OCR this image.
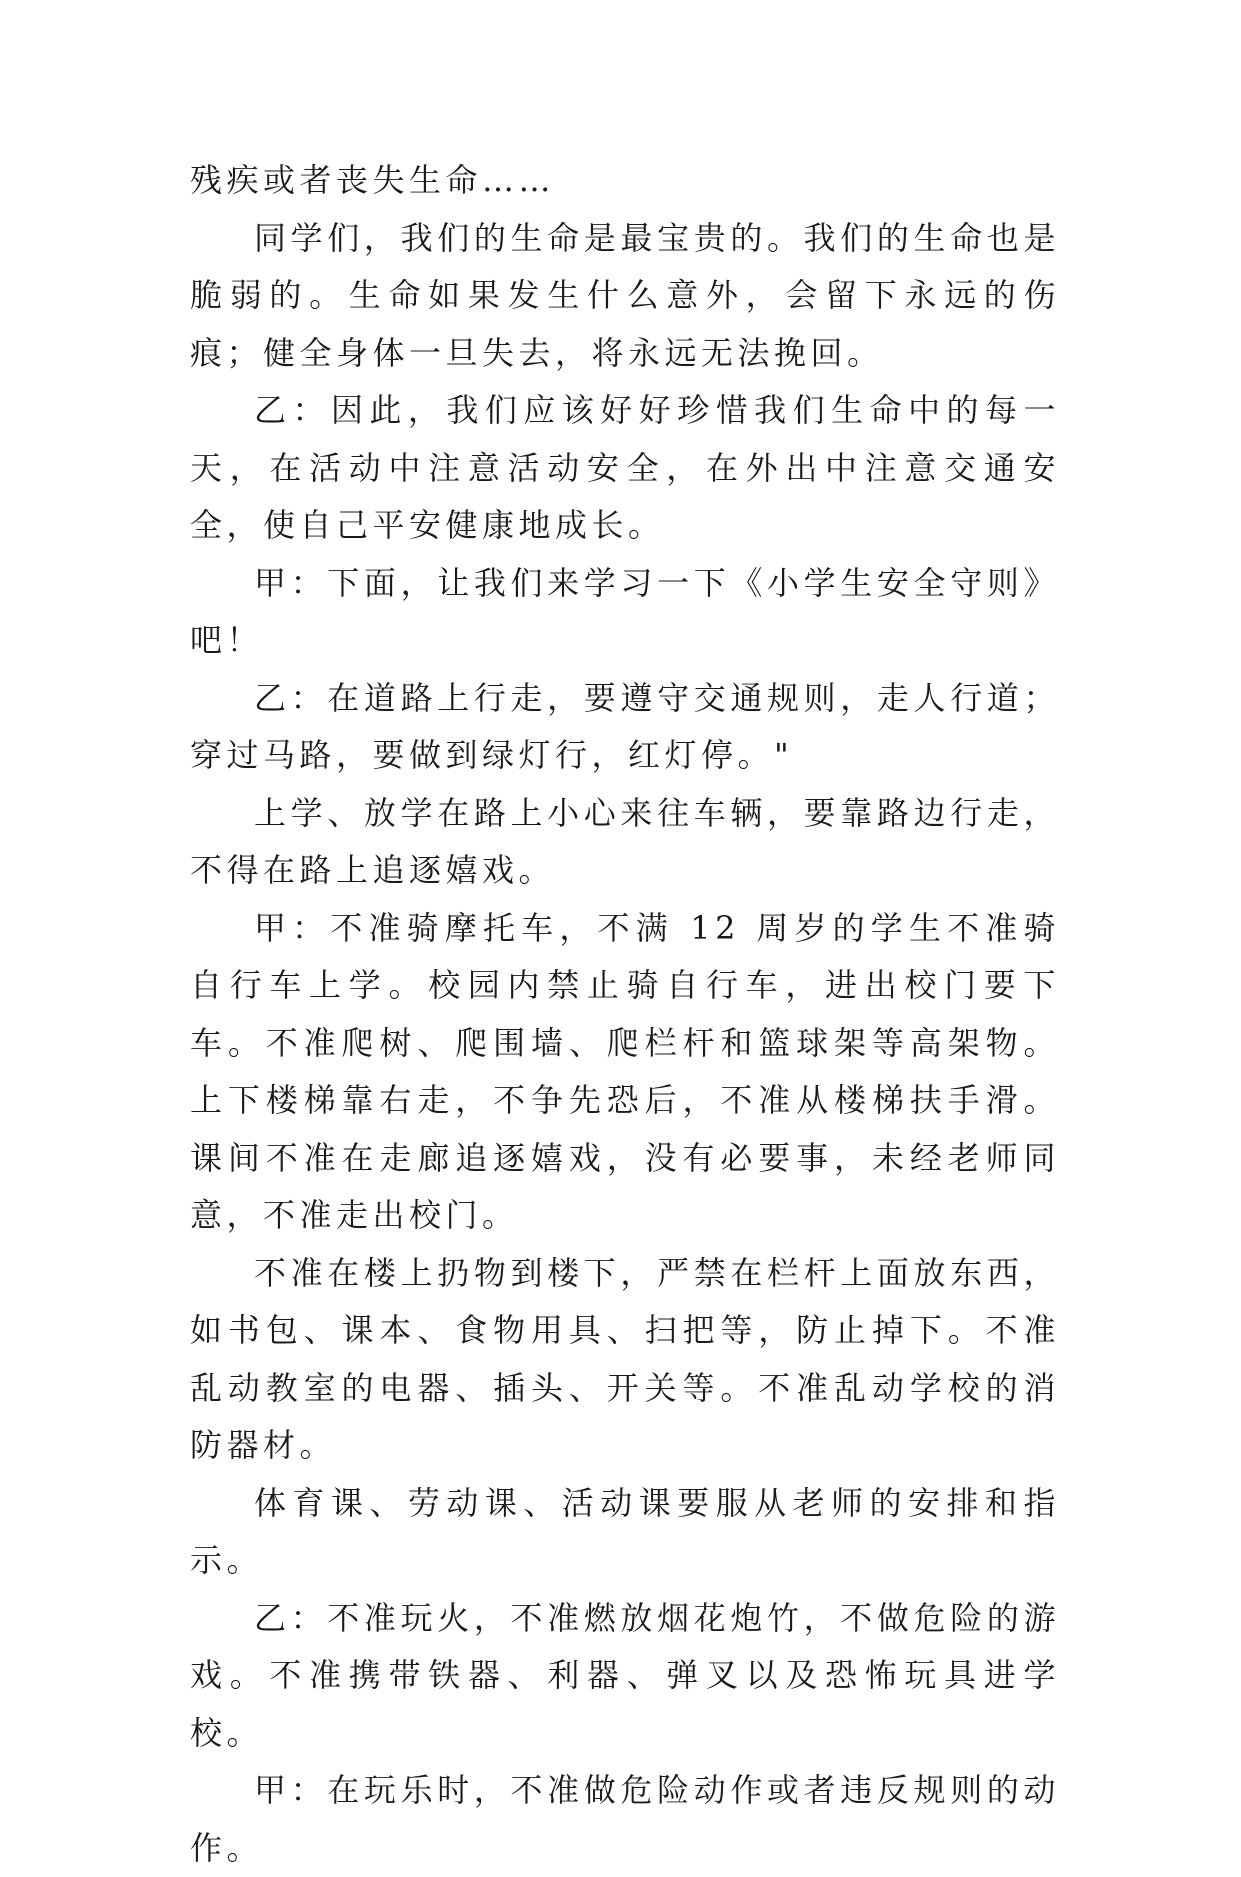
残疾或者丧失生命……

同学们，我们的生命是最宝贵的。我们的生命也是脆弱的。生命如果发生什么意外，会留下永远的伤痕；健全身体一旦失去，将永远无法挽回。

乙：因此，我们应该好好珍惜我们生命中的每一天，在活动中注意活动安全，在外出中注意交通安全，使自己平安健康地成长。

甲：下面，让我们来学习一下《小学生安全守则》吧！

乙：在道路上行走，要遵守交通规则，走人行道；穿过马路，要做到绿灯行，红灯停。"

上学、放学在路上小心来往车辆，要靠路边行走，不得在路上追逐嬉戏。

甲：不准骑摩托车，不满 12 周岁的学生不准骑自行车上学。校园内禁止骑自行车，进出校门要下车。不准爬树、爬围墙、爬栏杆和篮球架等高架物。 上下楼梯靠右走，不争先恐后，不准从楼梯扶手滑。课间不准在走廊追逐嬉戏，没有必要事，未经老师同意，不准走出校门。

不准在楼上扔物到楼下，严禁在栏杆上面放东西，如书包、课本、食物用具、扫把等，防止掉下。不准乱动教室的电器、插头、开关等。不准乱动学校的消防器材。

体育课、劳动课、活动课要服从老师的安排和指示。

乙：不准玩火，不准燃放烟花炮竹，不做危险的游戏。不准携带铁器、利器、弹叉以及恐怖玩具进学校。

甲：在玩乐时，不准做危险动作或者违反规则的动作。
